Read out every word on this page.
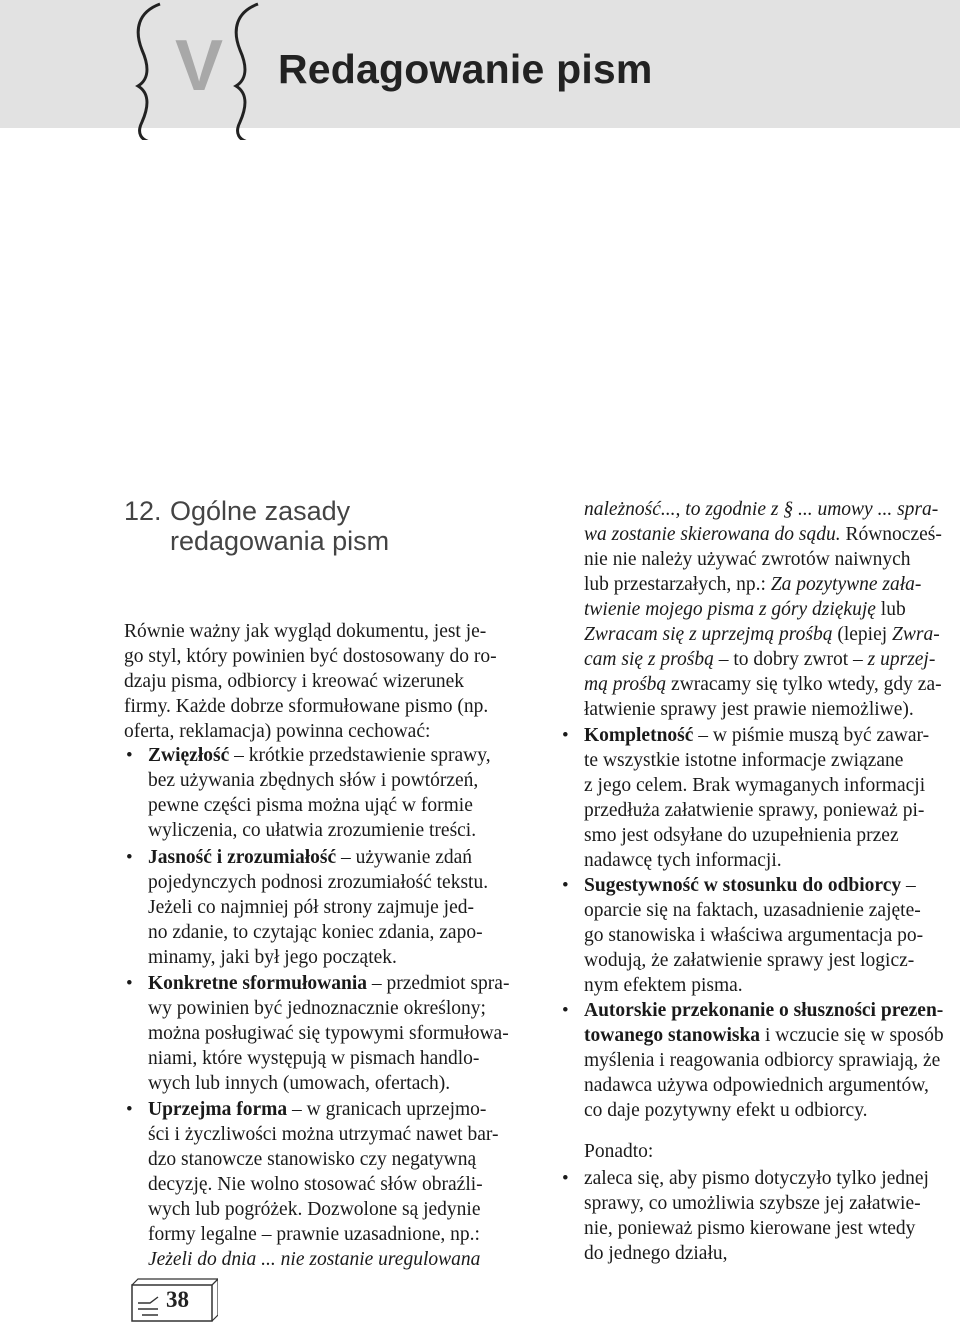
V Redagowanie pism
12. Ogólne zasady
redagowania pism
Równie ważny jak wygląd dokumentu, jest je-
go styl, który powinien być dostosowany do ro-
dzaju pisma, odbiorcy i kreować wizerunek
firmy. Każde dobrze sformułowane pismo (np.
oferta, reklamacja) powinna cechować:
• Zwięzłość – krótkie przedstawienie sprawy,
bez używania zbędnych słów i powtórzeń,
pewne części pisma można ująć w formie
wyliczenia, co ułatwia zrozumienie treści.
• Jasność i zrozumiałość – używanie zdań
pojedynczych podnosi zrozumiałość tekstu.
Jeżeli co najmniej pół strony zajmuje jed-
no zdanie, to czytając koniec zdania, zapo-
minamy, jaki był jego początek.
• Konkretne sformułowania – przedmiot spra-
wy powinien być jednoznacznie określony;
można posługiwać się typowymi sformułowa-
niami, które występują w pismach handlo-
wych lub innych (umowach, ofertach).
• Uprzejma forma – w granicach uprzejmo-
ści i życzliwości można utrzymać nawet bar-
dzo stanowcze stanowisko czy negatywną
decyzję. Nie wolno stosować słów obraźli-
wych lub pogróżek. Dozwolone są jedynie
formy legalne – prawnie uzasadnione, np.:
Jeżeli do dnia ... nie zostanie uregulowana
należność..., to zgodnie z § ... umowy ... spra-
wa zostanie skierowana do sądu. Równocześ-
nie nie należy używać zwrotów naiwnych
lub przestarzałych, np.: Za pozytywne zała-
twienie mojego pisma z góry dziękuję lub
Zwracam się z uprzejmą prośbą (lepiej Zwra-
cam się z prośbą – to dobry zwrot – z uprzej-
mą prośbą zwracamy się tylko wtedy, gdy za-
łatwienie sprawy jest prawie niemożliwe).
• Kompletność – w piśmie muszą być zawar-
te wszystkie istotne informacje związane
z jego celem. Brak wymaganych informacji
przedłuża załatwienie sprawy, ponieważ pi-
smo jest odsyłane do uzupełnienia przez
nadawcę tych informacji.
• Sugestywność w stosunku do odbiorcy –
oparcie się na faktach, uzasadnienie zajęte-
go stanowiska i właściwa argumentacja po-
wodują, że załatwienie sprawy jest logicz-
nym efektem pisma.
• Autorskie przekonanie o słuszności prezen-
towanego stanowiska i wczucie się w sposób
myślenia i reagowania odbiorcy sprawiają, że
nadawca używa odpowiednich argumentów,
co daje pozytywny efekt u odbiorcy.
Ponadto:
• zaleca się, aby pismo dotyczyło tylko jednej
sprawy, co umożliwia szybsze jej załatwie-
nie, ponieważ pismo kierowane jest wtedy
do jednego działu,
38
